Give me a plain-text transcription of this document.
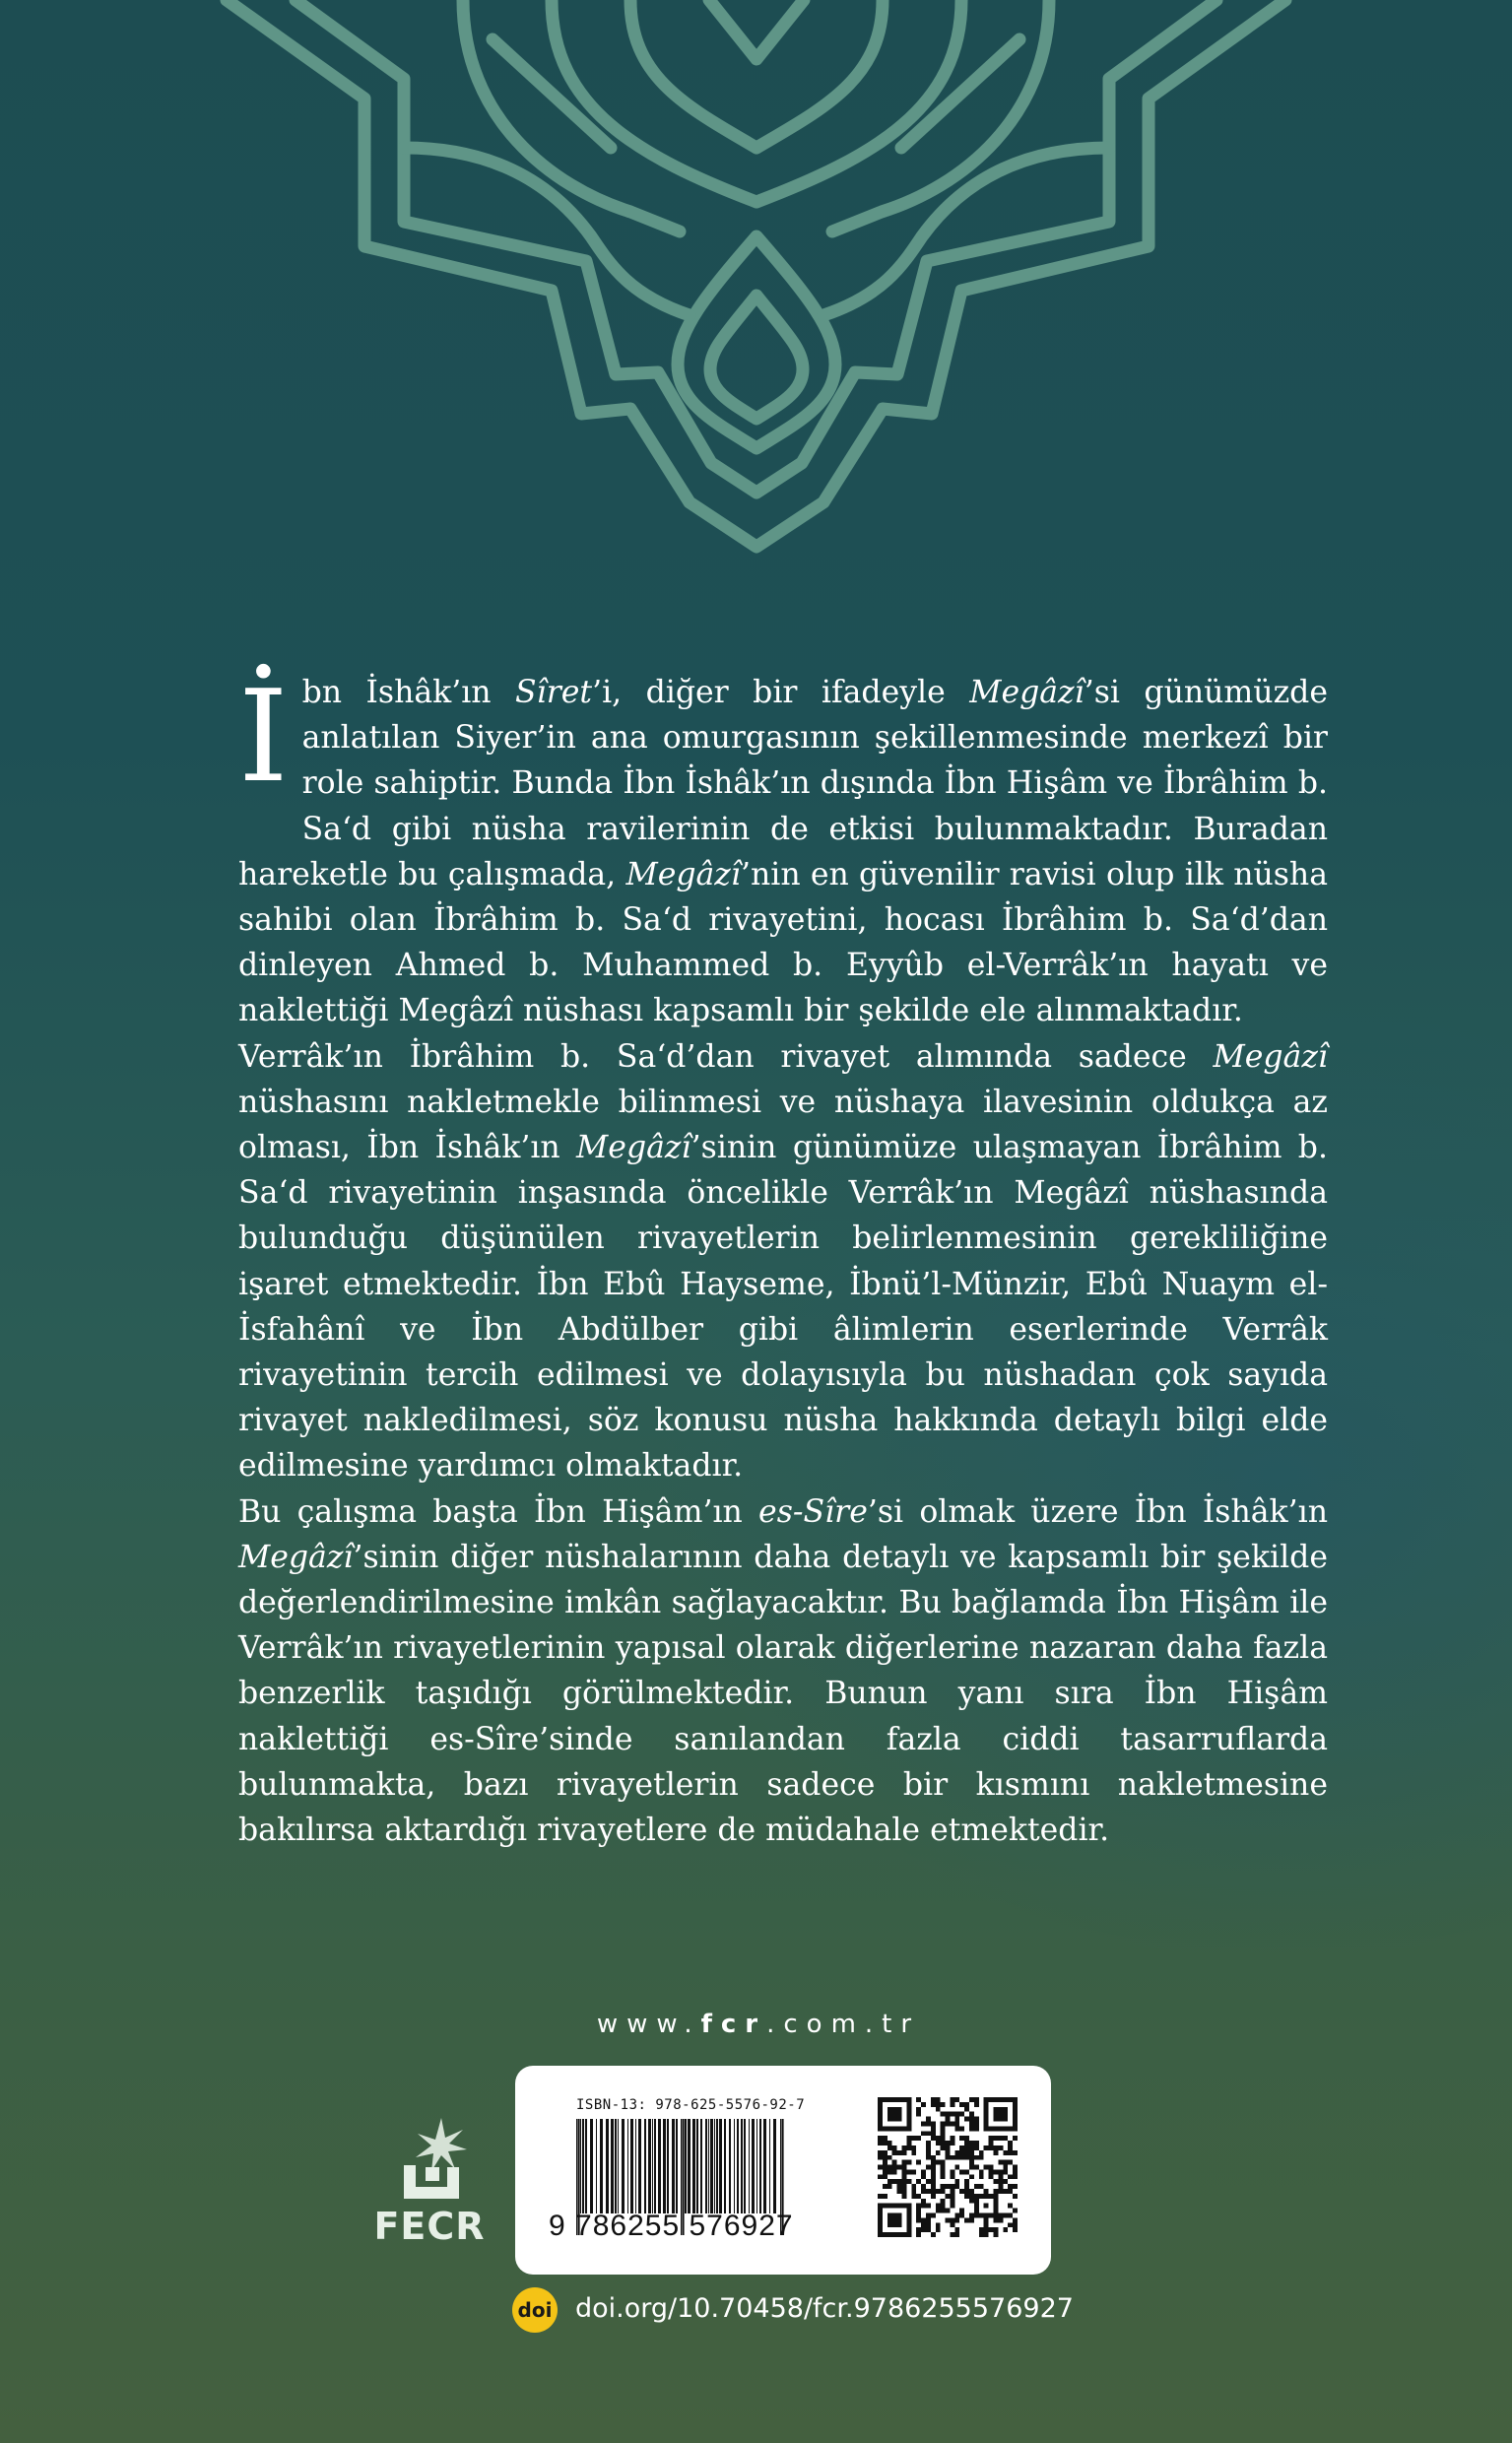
İbn İshâk’ın Sîret’i, diğer bir ifadeyle Megâzî’si günümüzde anlatılan Siyer’in ana omurgasının şekillenmesinde merkezî bir role sahiptir. Bunda İbn İshâk’ın dışında İbn Hişâm ve İbrâhim b. Sa‘d gibi nüsha ravilerinin de etkisi bulunmaktadır. Buradan hareketle bu çalışmada, Megâzî’nin en güvenilir ravisi olup ilk nüsha sahibi olan İbrâhim b. Sa‘d rivayetini, hocası İbrâhim b. Sa‘d’dan dinleyen Ahmed b. Muhammed b. Eyyûb el-Verrâk’ın hayatı ve naklettiği Megâzî nüshası kapsamlı bir şekilde ele alınmaktadır.

Verrâk’ın İbrâhim b. Sa‘d’dan rivayet alımında sadece Megâzî nüshasını nakletmekle bilinmesi ve nüshaya ilavesinin oldukça az olması, İbn İshâk’ın Megâzî’sinin günümüze ulaşmayan İbrâhim b. Sa‘d rivayetinin inşasında öncelikle Verrâk’ın Megâzî nüshasında bulunduğu düşünülen rivayetlerin belirlenmesinin gerekliliğine işaret etmektedir. İbn Ebû Hayseme, İbnü’l-Münzir, Ebû Nuaym el-İsfahânî ve İbn Abdülber gibi âlimlerin eserlerinde Verrâk rivayetinin tercih edilmesi ve dolayısıyla bu nüshadan çok sayıda rivayet nakledilmesi, söz konusu nüsha hakkında detaylı bilgi elde edilmesine yardımcı olmaktadır.

Bu çalışma başta İbn Hişâm’ın es-Sîre’si olmak üzere İbn İshâk’ın Megâzî’sinin diğer nüshalarının daha detaylı ve kapsamlı bir şekilde değerlendirilmesine imkân sağlayacaktır. Bu bağlamda İbn Hişâm ile Verrâk’ın rivayetlerinin yapısal olarak diğerlerine nazaran daha fazla benzerlik taşıdığı görülmektedir. Bunun yanı sıra İbn Hişâm naklettiği es-Sîre’sinde sanılandan fazla ciddi tasarruflarda bulunmakta, bazı rivayetlerin sadece bir kısmını nakletmesine bakılırsa aktardığı rivayetlere de müdahale etmektedir.

www.fcr.com.tr
FECR
ISBN-13: 978-625-5576-92-7
9 786255 576927
doi doi.org/10.70458/fcr.9786255576927
